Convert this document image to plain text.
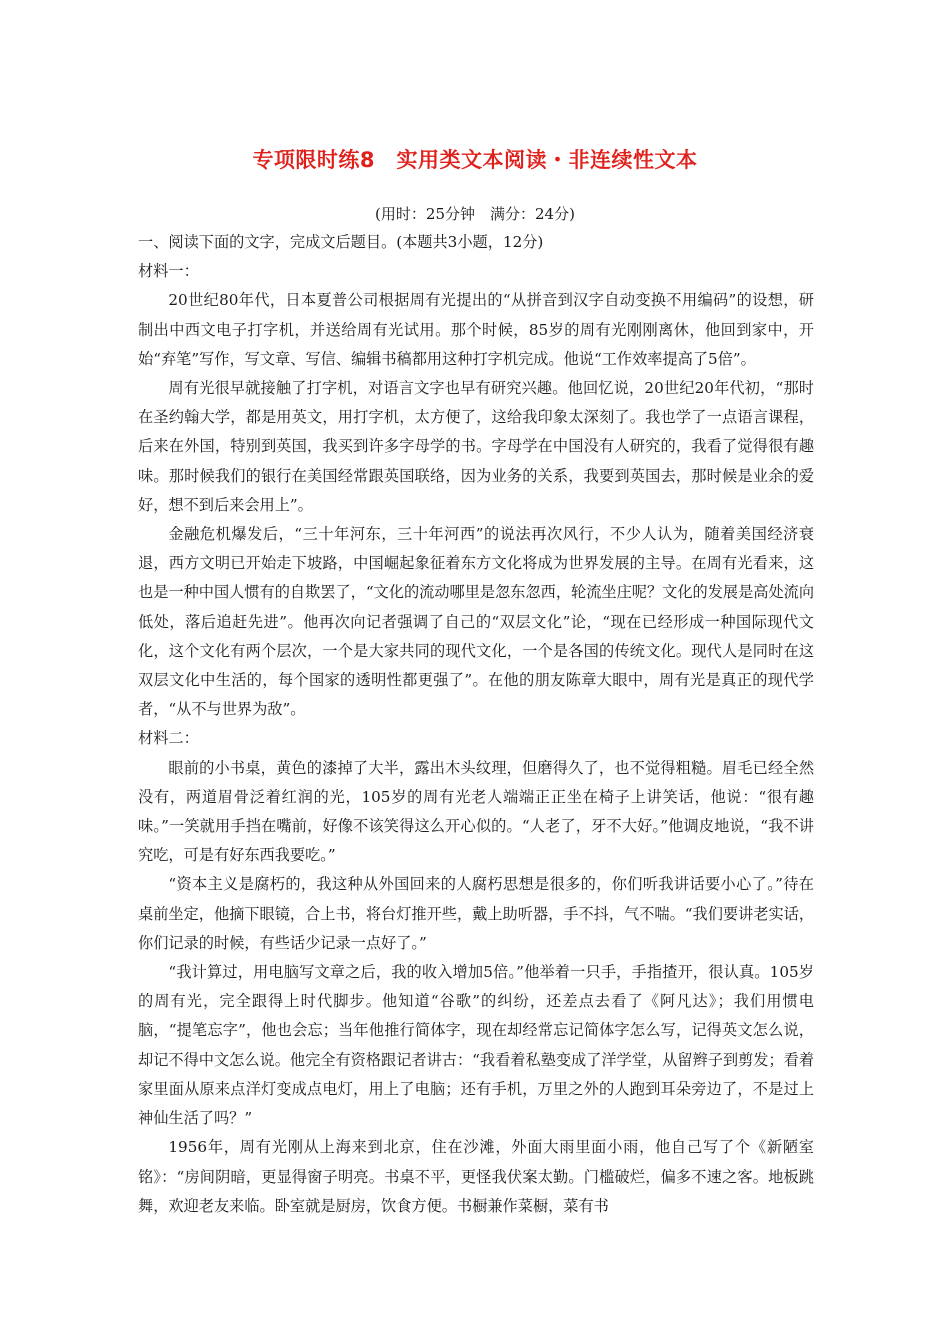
专项限时练8　实用类文本阅读・非连续性文本
(用时：25分钟　满分：24分)

一、阅读下面的文字，完成文后题目。(本题共3小题，12分)

材料一：

20世纪80年代，日本夏普公司根据周有光提出的“从拼音到汉字自动变换不用编码”的设想，研制出中西文电子打字机，并送给周有光试用。那个时候，85岁的周有光刚刚离休，他回到家中，开始“弃笔”写作，写文章、写信、编辑书稿都用这种打字机完成。他说“工作效率提高了5倍”。

周有光很早就接触了打字机，对语言文字也早有研究兴趣。他回忆说，20世纪20年代初，“那时在圣约翰大学，都是用英文，用打字机，太方便了，这给我印象太深刻了。我也学了一点语言课程，后来在外国，特别到英国，我买到许多字母学的书。字母学在中国没有人研究的，我看了觉得很有趣味。那时候我们的银行在美国经常跟英国联络，因为业务的关系，我要到英国去，那时候是业余的爱好，想不到后来会用上”。

金融危机爆发后，“三十年河东，三十年河西”的说法再次风行，不少人认为，随着美国经济衰退，西方文明已开始走下坡路，中国崛起象征着东方文化将成为世界发展的主导。在周有光看来，这也是一种中国人惯有的自欺罢了，“文化的流动哪里是忽东忽西，轮流坐庄呢？文化的发展是高处流向低处，落后追赶先进”。他再次向记者强调了自己的“双层文化”论，“现在已经形成一种国际现代文化，这个文化有两个层次，一个是大家共同的现代文化，一个是各国的传统文化。现代人是同时在这双层文化中生活的，每个国家的透明性都更强了”。在他的朋友陈章大眼中，周有光是真正的现代学者，“从不与世界为敌”。

材料二：

眼前的小书桌，黄色的漆掉了大半，露出木头纹理，但磨得久了，也不觉得粗糙。眉毛已经全然没有，两道眉骨泛着红润的光，105岁的周有光老人端端正正坐在椅子上讲笑话，他说：“很有趣味。”一笑就用手挡在嘴前，好像不该笑得这么开心似的。“人老了，牙不大好。”他调皮地说，“我不讲究吃，可是有好东西我要吃。”

“资本主义是腐朽的，我这种从外国回来的人腐朽思想是很多的，你们听我讲话要小心了。”待在桌前坐定，他摘下眼镜，合上书，将台灯推开些，戴上助听器，手不抖，气不喘。“我们要讲老实话，你们记录的时候，有些话少记录一点好了。”

“我计算过，用电脑写文章之后，我的收入增加5倍。”他举着一只手，手指揸开，很认真。105岁的周有光，完全跟得上时代脚步。他知道“谷歌”的纠纷，还差点去看了《阿凡达》；我们用惯电脑，“提笔忘字”，他也会忘；当年他推行简体字，现在却经常忘记简体字怎么写，记得英文怎么说，却记不得中文怎么说。他完全有资格跟记者讲古：“我看着私塾变成了洋学堂，从留辫子到剪发；看着家里面从原来点洋灯变成点电灯，用上了电脑；还有手机，万里之外的人跑到耳朵旁边了，不是过上神仙生活了吗？”

1956年，周有光刚从上海来到北京，住在沙滩，外面大雨里面小雨，他自己写了个《新陋室铭》：“房间阴暗，更显得窗子明亮。书桌不平，更怪我伏案太勤。门槛破烂，偏多不速之客。地板跳舞，欢迎老友来临。卧室就是厨房，饮食方便。书橱兼作菜橱，菜有书
